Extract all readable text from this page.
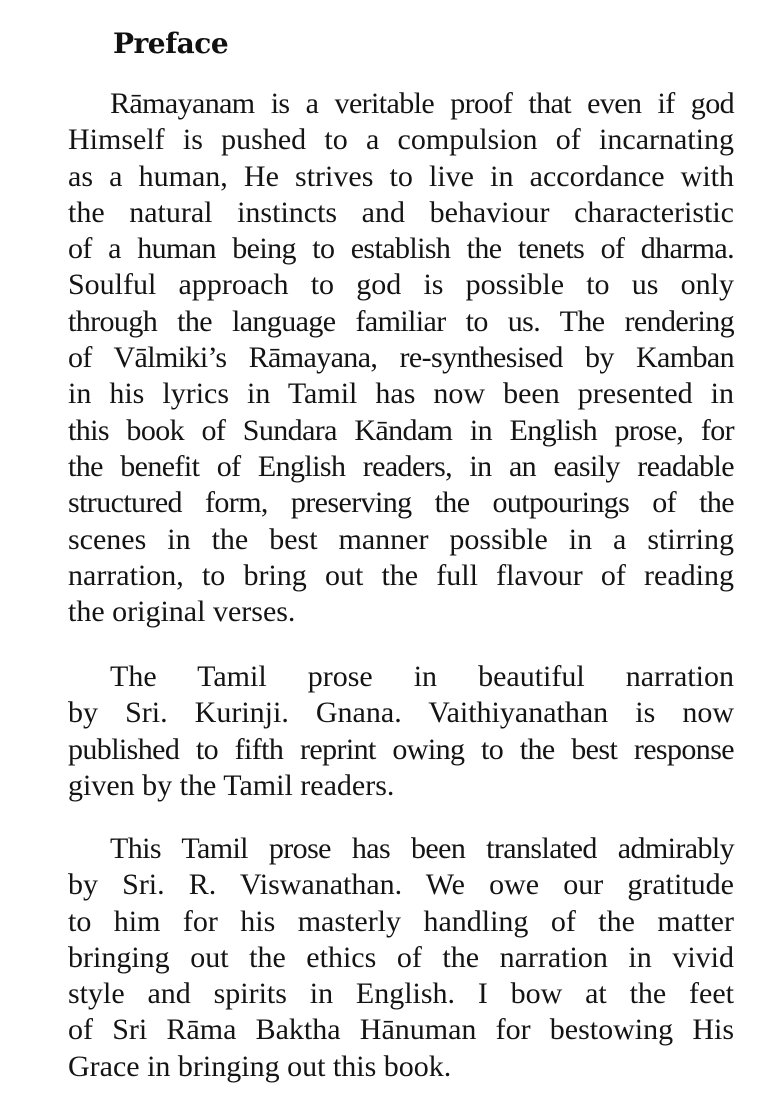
Preface
Rāmayanam is a veritable proof that even if god
Himself is pushed to a compulsion of incarnating
as a human, He strives to live in accordance with
the natural instincts and behaviour characteristic
of a human being to establish the tenets of dharma.
Soulful approach to god is possible to us only
through the language familiar to us. The rendering
of Vālmiki’s Rāmayana, re-synthesised by Kamban
in his lyrics in Tamil has now been presented in
this book of Sundara Kāndam in English prose, for
the benefit of English readers, in an easily readable
structured form, preserving the outpourings of the
scenes in the best manner possible in a stirring
narration, to bring out the full flavour of reading
the original verses.
The Tamil prose in beautiful narration
by Sri. Kurinji. Gnana. Vaithiyanathan is now
published to fifth reprint owing to the best response
given by the Tamil readers.
This Tamil prose has been translated admirably
by Sri. R. Viswanathan. We owe our gratitude
to him for his masterly handling of the matter
bringing out the ethics of the narration in vivid
style and spirits in English. I bow at the feet
of Sri Rāma Baktha Hānuman for bestowing His
Grace in bringing out this book.
